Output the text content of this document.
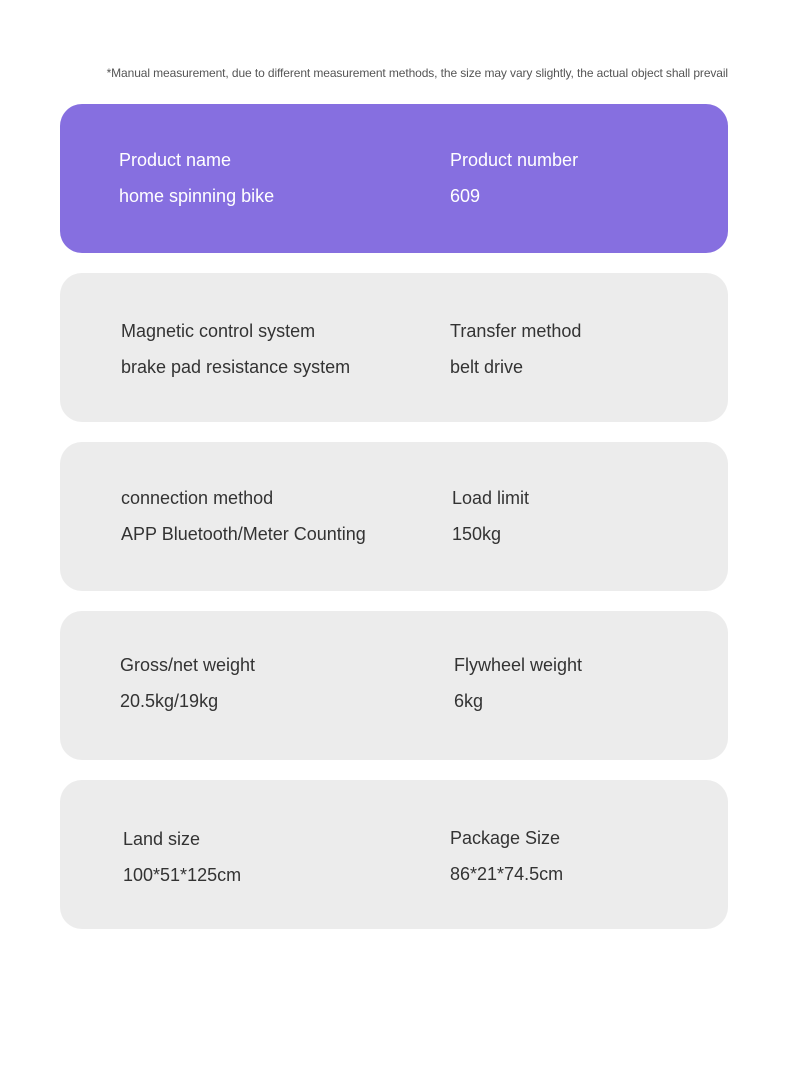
*Manual measurement, due to different measurement methods, the size may vary slightly, the actual object shall prevail
Product name
home spinning bike
Product number
609
Magnetic control system
brake pad resistance system
Transfer method
belt drive
connection method
APP Bluetooth/Meter Counting
Load limit
150kg
Gross/net weight
20.5kg/19kg
Flywheel weight
6kg
Land size
100*51*125cm
Package Size
86*21*74.5cm
